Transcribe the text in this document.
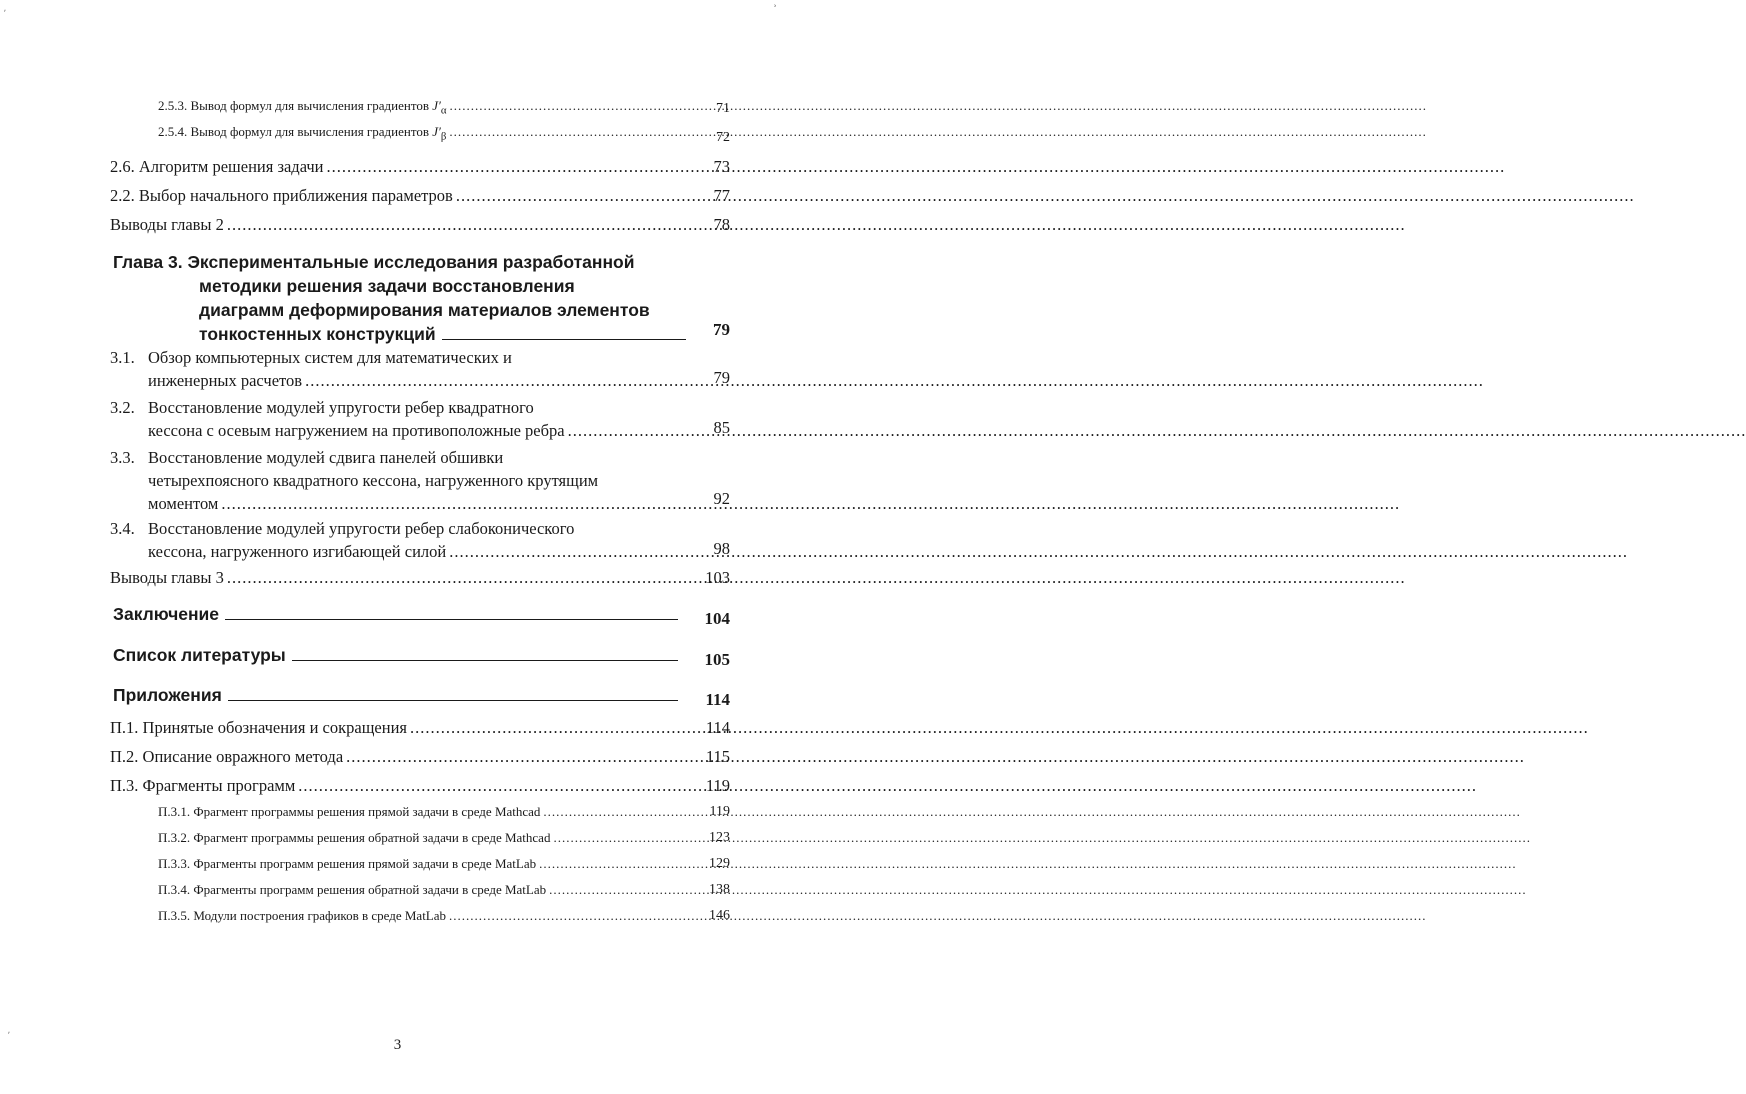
2.5.3. Вывод формул для вычисления градиентов $J'_\alpha$ .....	71
2.5.4. Вывод формул для вычисления градиентов $J'_\beta$ .....	72
2.6. Алгоритм решения задачи .....	73
2.2. Выбор начального приближения параметров .....	77
Выводы главы 2 .....	78
Глава 3. Экспериментальные исследования разработанной
методики решения задачи восстановления
диаграмм деформирования материалов элементов
тонкостенных конструкций	79
3.1. Обзор компьютерных систем для математических и
инженерных расчетов .....	79
3.2. Восстановление модулей упругости ребер квадратного
кессона с осевым нагружением на противоположные ребра .....	85
3.3. Восстановление модулей сдвига панелей обшивки
четырехпоясного квадратного кессона, нагруженного крутящим
моментом .....	92
3.4. Восстановление модулей упругости ребер слабоконического
кессона, нагруженного изгибающей силой .....	98
Выводы главы 3 .....	103
Заключение	104
Список литературы	105
Приложения	114
П.1. Принятые обозначения и сокращения .....	114
П.2. Описание овражного метода .....	115
П.3. Фрагменты программ .....	119
П.3.1. Фрагмент программы решения прямой задачи в среде Mathcad .....	119
П.3.2. Фрагмент программы решения обратной задачи в среде Mathcad .....	123
П.3.3. Фрагменты программ решения прямой задачи в среде MatLab .....	129
П.3.4. Фрагменты программ решения обратной задачи в среде MatLab .....	138
П.3.5. Модули построения графиков в среде MatLab .....	146
3
ʾ
ʹ
ʹ
